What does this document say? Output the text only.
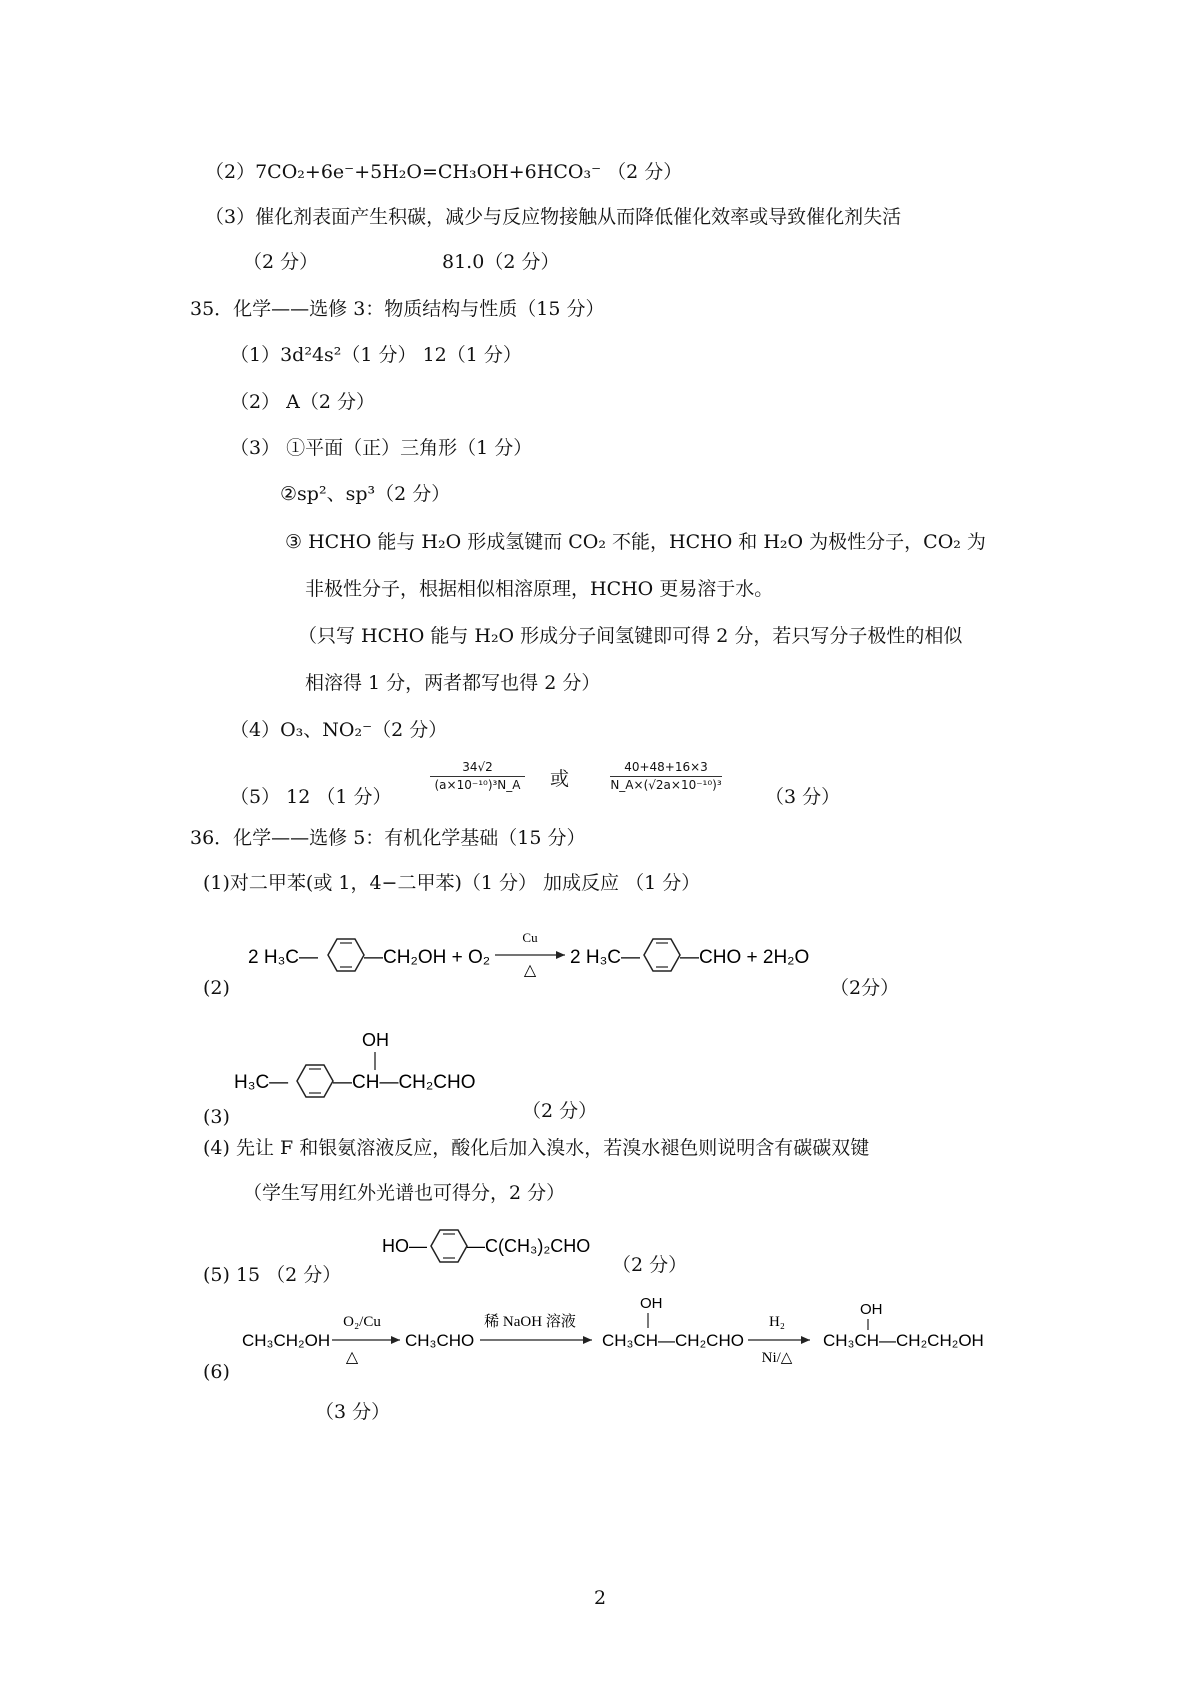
（2）7CO₂+6e⁻+5H₂O=CH₃OH+6HCO₃⁻ （2 分）
（3）催化剂表面产生积碳，减少与反应物接触从而降低催化效率或导致催化剂失活
（2 分）	81.0（2 分）
35．化学——选修 3：物质结构与性质（15 分）
（1）3d²4s²（1 分） 12（1 分）
（2） A（2 分）
（3） ①平面（正）三角形（1 分）
②sp²、sp³（2 分）
③ HCHO 能与 H₂O 形成氢键而 CO₂ 不能，HCHO 和 H₂O 为极性分子，CO₂ 为
非极性分子，根据相似相溶原理，HCHO 更易溶于水。
（只写 HCHO 能与 H₂O 形成分子间氢键即可得 2 分，若只写分子极性的相似
相溶得 1 分，两者都写也得 2 分）
（4）O₃、NO₂⁻（2 分）
（5） 12 （1 分）
34√2
(a×10⁻¹⁰)³N_A 或
40+48+16×3
N_A×(√2a×10⁻¹⁰)³
（3 分）
36．化学——选修 5：有机化学基础（15 分）
(1)对二甲苯(或 1，4−二甲苯)（1 分） 加成反应 （1 分）
(2)
2 H₃C— —CH₂OH + O₂
Cu
△
2 H₃C— —CHO + 2H₂O
（2分）
(3)
OH
H₃C— —CH—CH₂CHO
（2 分）
(4) 先让 F 和银氨溶液反应，酸化后加入溴水，若溴水褪色则说明含有碳碳双键
（学生写用红外光谱也可得分，2 分）
(5) 15 （2 分）
HO— —C(CH₃)₂CHO
（2 分）
(6)
CH₃CH₂OH
O₂/Cu
△
CH₃CHO
稀 NaOH 溶液
OH
CH₃CH—CH₂CHO
H₂
Ni/△
OH
CH₃CH—CH₂CH₂OH
（3 分）
2
